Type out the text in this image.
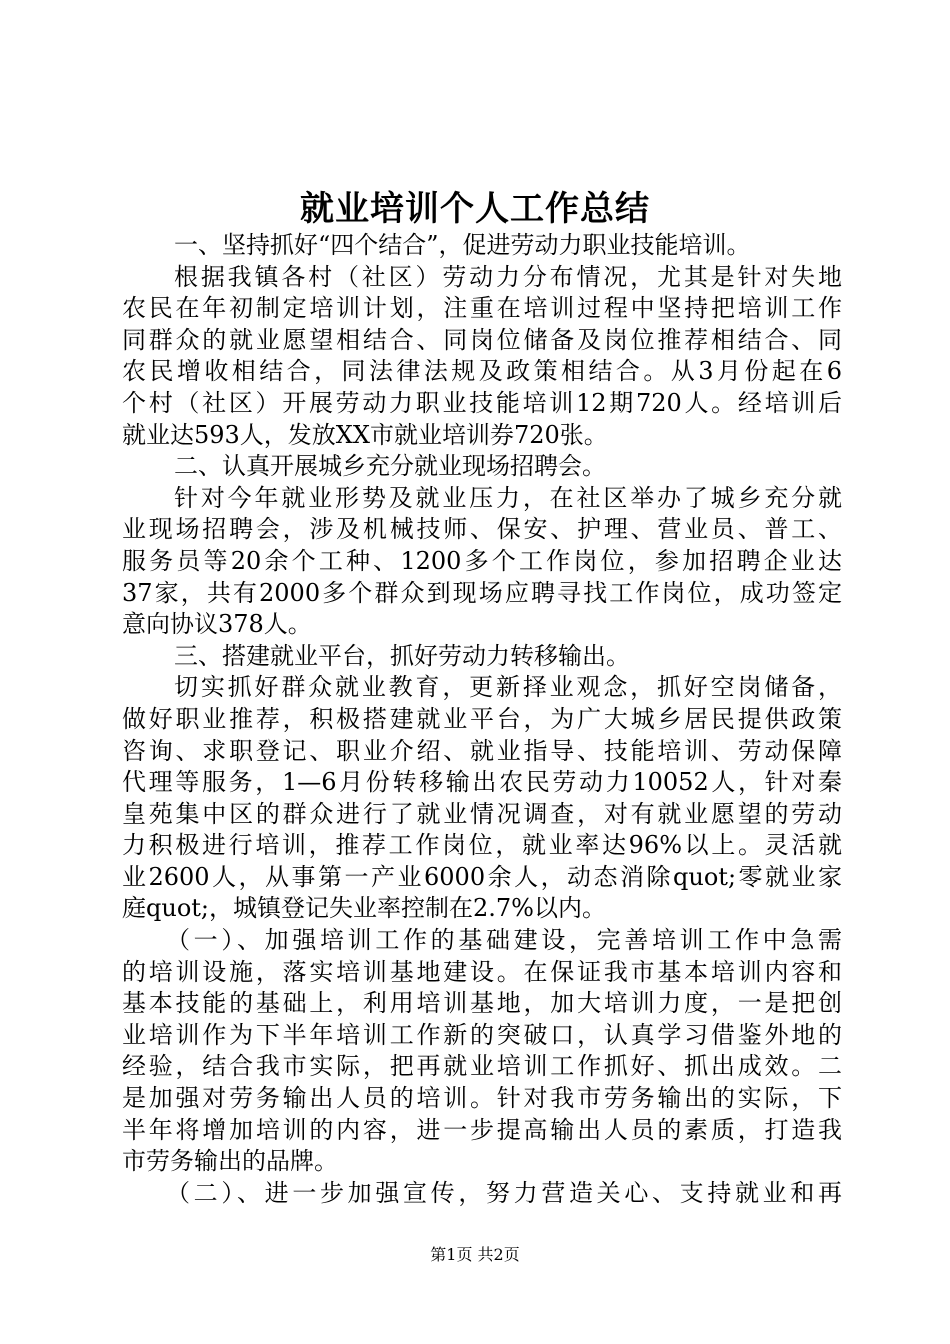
就业培训个人工作总结
一、坚持抓好“四个结合”，促进劳动力职业技能培训。
根据我镇各村（社区）劳动力分布情况，尤其是针对失地
农民在年初制定培训计划，注重在培训过程中坚持把培训工作
同群众的就业愿望相结合、同岗位储备及岗位推荐相结合、同
农民增收相结合，同法律法规及政策相结合。从3月份起在6
个村（社区）开展劳动力职业技能培训12期720人。经培训后
就业达593人，发放XX市就业培训券720张。
二、认真开展城乡充分就业现场招聘会。
针对今年就业形势及就业压力，在社区举办了城乡充分就
业现场招聘会，涉及机械技师、保安、护理、营业员、普工、
服务员等20余个工种、1200多个工作岗位，参加招聘企业达
37家，共有2000多个群众到现场应聘寻找工作岗位，成功签定
意向协议378人。
三、搭建就业平台，抓好劳动力转移输出。
切实抓好群众就业教育，更新择业观念，抓好空岗储备，
做好职业推荐，积极搭建就业平台，为广大城乡居民提供政策
咨询、求职登记、职业介绍、就业指导、技能培训、劳动保障
代理等服务，1—6月份转移输出农民劳动力10052人，针对秦
皇苑集中区的群众进行了就业情况调查，对有就业愿望的劳动
力积极进行培训，推荐工作岗位，就业率达96%以上。灵活就
业2600人，从事第一产业6000余人，动态消除quot;零就业家
庭quot;，城镇登记失业率控制在2.7%以内。
（一）、加强培训工作的基础建设，完善培训工作中急需
的培训设施，落实培训基地建设。在保证我市基本培训内容和
基本技能的基础上，利用培训基地，加大培训力度，一是把创
业培训作为下半年培训工作新的突破口，认真学习借鉴外地的
经验，结合我市实际，把再就业培训工作抓好、抓出成效。二
是加强对劳务输出人员的培训。针对我市劳务输出的实际，下
半年将增加培训的内容，进一步提高输出人员的素质，打造我
市劳务输出的品牌。
（二）、进一步加强宣传，努力营造关心、支持就业和再
第1页 共2页
